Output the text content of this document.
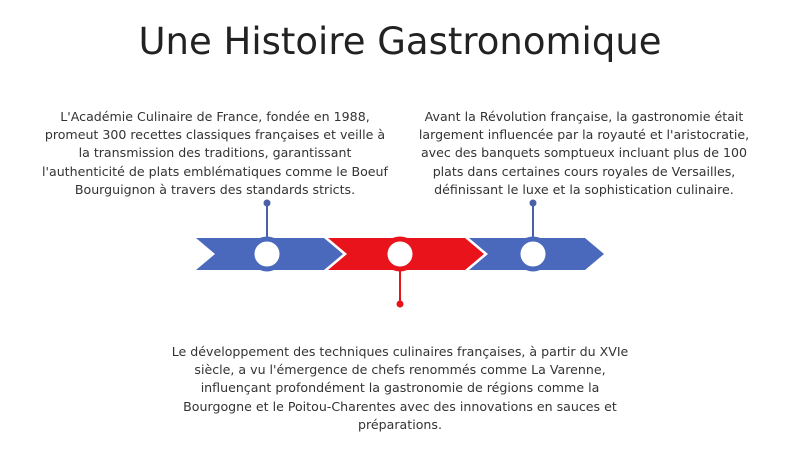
Une Histoire Gastronomique
L'Académie Culinaire de France, fondée en 1988, promeut 300 recettes classiques françaises et veille à la transmission des traditions, garantissant l'authenticité de plats emblématiques comme le Boeuf Bourguignon à travers des standards stricts.
Avant la Révolution française, la gastronomie était largement influencée par la royauté et l'aristocratie, avec des banquets somptueux incluant plus de 100 plats dans certaines cours royales de Versailles, définissant le luxe et la sophistication culinaire.
Le développement des techniques culinaires françaises, à partir du XVIe siècle, a vu l'émergence de chefs renommés comme La Varenne, influençant profondément la gastronomie de régions comme la Bourgogne et le Poitou-Charentes avec des innovations en sauces et préparations.
